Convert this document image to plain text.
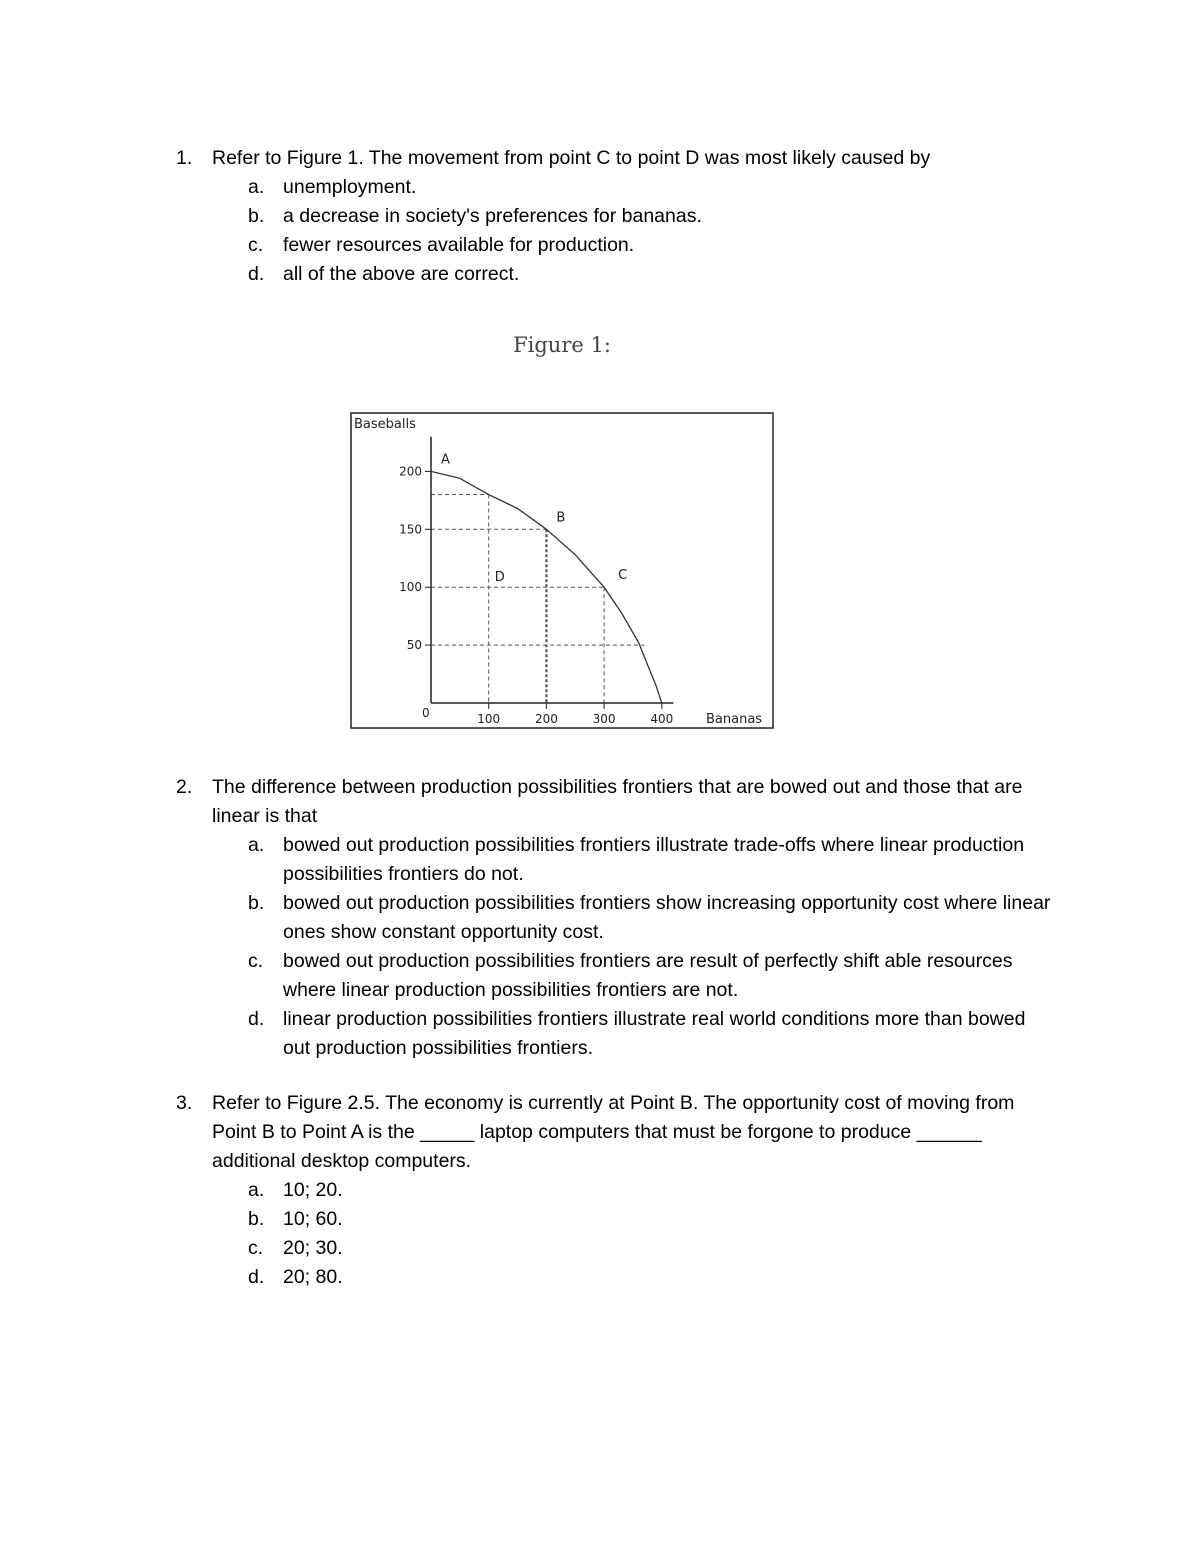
1.	Refer to Figure 1. The movement from point C to point D was most likely caused by
a. unemployment.
b. a decrease in society's preferences for bananas.
c.	fewer resources available for production.
d. all of the above are correct.
Figure 1:
Baseballs
Bananas
0	100	200	300	400
50
100
150
200
A
B
C
D
2.	The difference between production possibilities frontiers that are bowed out and those that are linear is that
a. bowed out production possibilities frontiers illustrate trade-offs where linear production possibilities frontiers do not.
b. bowed out production possibilities frontiers show increasing opportunity cost where linear ones show constant opportunity cost.
c.	bowed out production possibilities frontiers are result of perfectly shift able resources where linear production possibilities frontiers are not.
d. linear production possibilities frontiers illustrate real world conditions more than bowed out production possibilities frontiers.
3.	Refer to Figure 2.5. The economy is currently at Point B. The opportunity cost of moving from Point B to Point A is the _____ laptop computers that must be forgone to produce ______ additional desktop computers.
a. 10; 20.
b. 10; 60.
c.	20; 30.
d. 20; 80.
